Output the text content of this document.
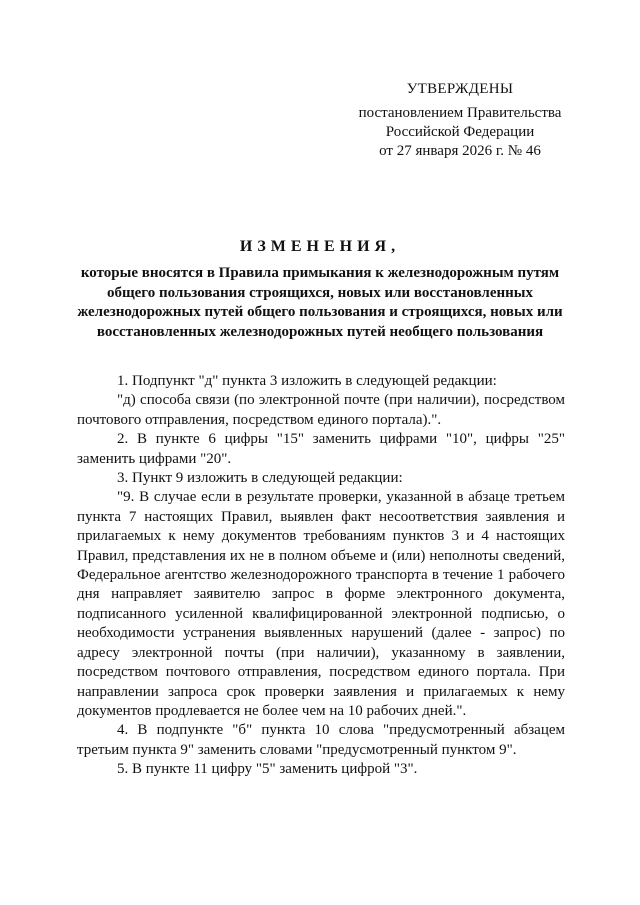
УТВЕРЖДЕНЫ
постановлением Правительства
Российской Федерации
от 27 января 2026 г. № 46
ИЗМЕНЕНИЯ,
которые вносятся в Правила примыкания к железнодорожным путям общего пользования строящихся, новых или восстановленных железнодорожных путей общего пользования и строящихся, новых или восстановленных железнодорожных путей необщего пользования

1. Подпункт "д" пункта 3 изложить в следующей редакции:

"д) способа связи (по электронной почте (при наличии), посредством почтового отправления, посредством единого портала).".

2. В пункте 6 цифры "15" заменить цифрами "10", цифры "25" заменить цифрами "20".

3. Пункт 9 изложить в следующей редакции:

"9. В случае если в результате проверки, указанной в абзаце третьем пункта 7 настоящих Правил, выявлен факт несоответствия заявления и прилагаемых к нему документов требованиям пунктов 3 и 4 настоящих Правил, представления их не в полном объеме и (или) неполноты сведений, Федеральное агентство железнодорожного транспорта в течение 1 рабочего дня направляет заявителю запрос в форме электронного документа, подписанного усиленной квалифицированной электронной подписью, о необходимости устранения выявленных нарушений (далее - запрос) по адресу электронной почты (при наличии), указанному в заявлении, посредством почтового отправления, посредством единого портала. При направлении запроса срок проверки заявления и прилагаемых к нему документов продлевается не более чем на 10 рабочих дней.".

4. В подпункте "б" пункта 10 слова "предусмотренный абзацем третьим пункта 9" заменить словами "предусмотренный пунктом 9".

5. В пункте 11 цифру "5" заменить цифрой "3".
